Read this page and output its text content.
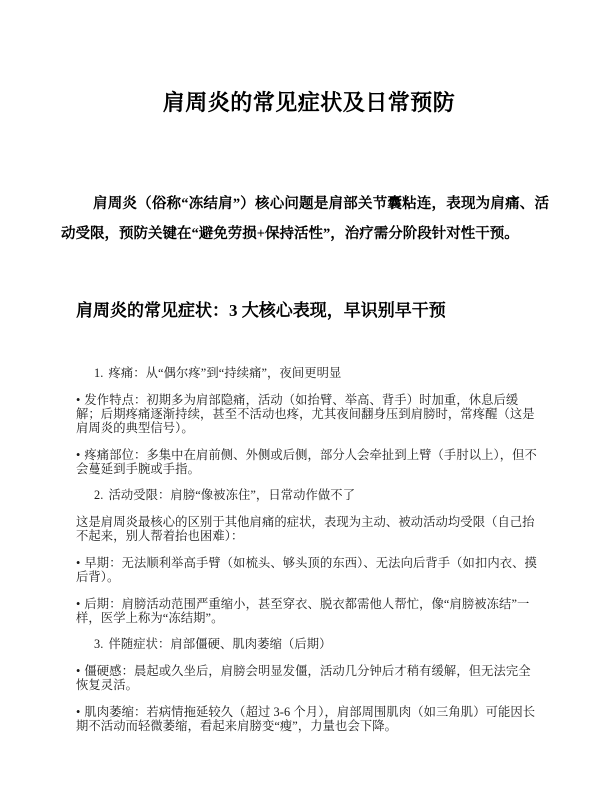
肩周炎的常见症状及日常预防

肩周炎（俗称“冻结肩”）核心问题是肩部关节囊粘连，表现为肩痛、活动受限，预防关键在“避免劳损+保持活性”，治疗需分阶段针对性干预。

肩周炎的常见症状：3 大核心表现，早识别早干预

1. 疼痛：从“偶尔疼”到“持续痛”，夜间更明显

• 发作特点：初期多为肩部隐痛，活动（如抬臂、举高、背手）时加重，休息后缓解；后期疼痛逐渐持续，甚至不活动也疼，尤其夜间翻身压到肩膀时，常疼醒（这是肩周炎的典型信号）。

• 疼痛部位：多集中在肩前侧、外侧或后侧，部分人会牵扯到上臂（手肘以上），但不会蔓延到手腕或手指。

2. 活动受限：肩膀“像被冻住”，日常动作做不了

这是肩周炎最核心的区别于其他肩痛的症状，表现为主动、被动活动均受限（自己抬不起来，别人帮着抬也困难）：

• 早期：无法顺利举高手臂（如梳头、够头顶的东西）、无法向后背手（如扣内衣、摸后背）。

• 后期：肩膀活动范围严重缩小，甚至穿衣、脱衣都需他人帮忙，像“肩膀被冻结”一样，医学上称为“冻结期”。

3. 伴随症状：肩部僵硬、肌肉萎缩（后期）

• 僵硬感：晨起或久坐后，肩膀会明显发僵，活动几分钟后才稍有缓解，但无法完全恢复灵活。

• 肌肉萎缩：若病情拖延较久（超过 3-6 个月），肩部周围肌肉（如三角肌）可能因长期不活动而轻微萎缩，看起来肩膀变“瘦”，力量也会下降。
